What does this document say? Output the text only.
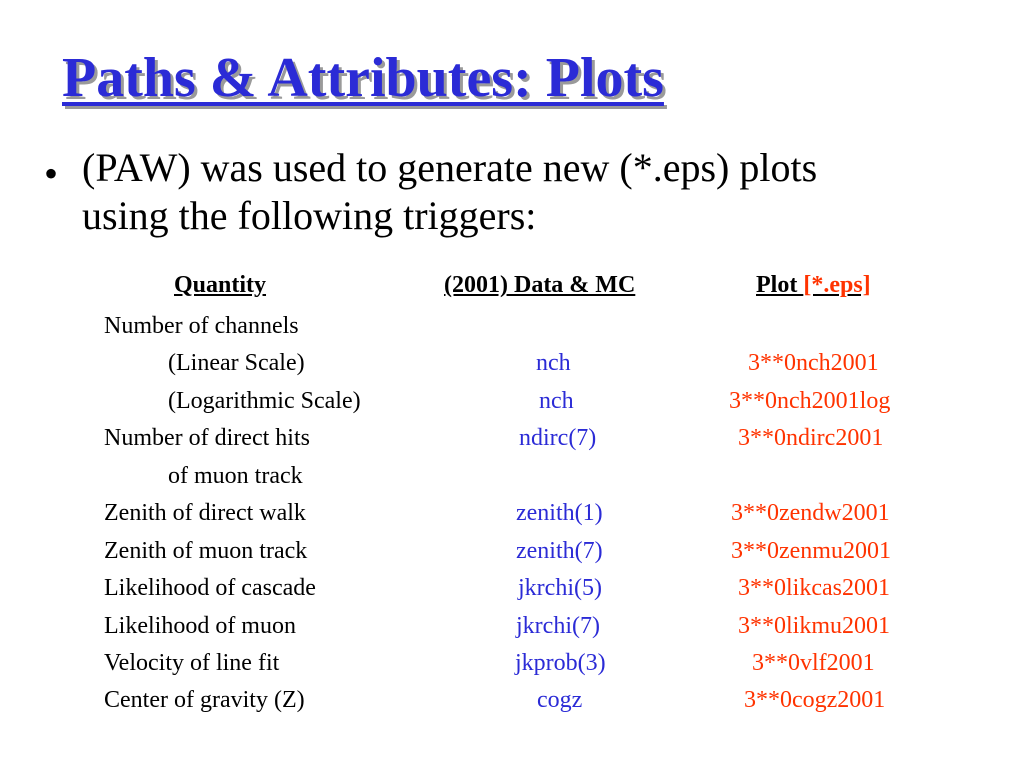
Paths & Attributes: Plots
• (PAW) was used to generate new (*.eps) plots
using the following triggers:
Quantity	(2001) Data & MC	Plot [*.eps]
Number of channels
(Linear Scale)	nch	3**0nch2001
(Logarithmic Scale)	nch	3**0nch2001log
Number of direct hits	ndirc(7)	3**0ndirc2001
of muon track
Zenith of direct walk	zenith(1)	3**0zendw2001
Zenith of muon track	zenith(7)	3**0zenmu2001
Likelihood of cascade	jkrchi(5)	3**0likcas2001
Likelihood of muon	jkrchi(7)	3**0likmu2001
Velocity of line fit	jkprob(3)	3**0vlf2001
Center of gravity (Z)	cogz	3**0cogz2001
